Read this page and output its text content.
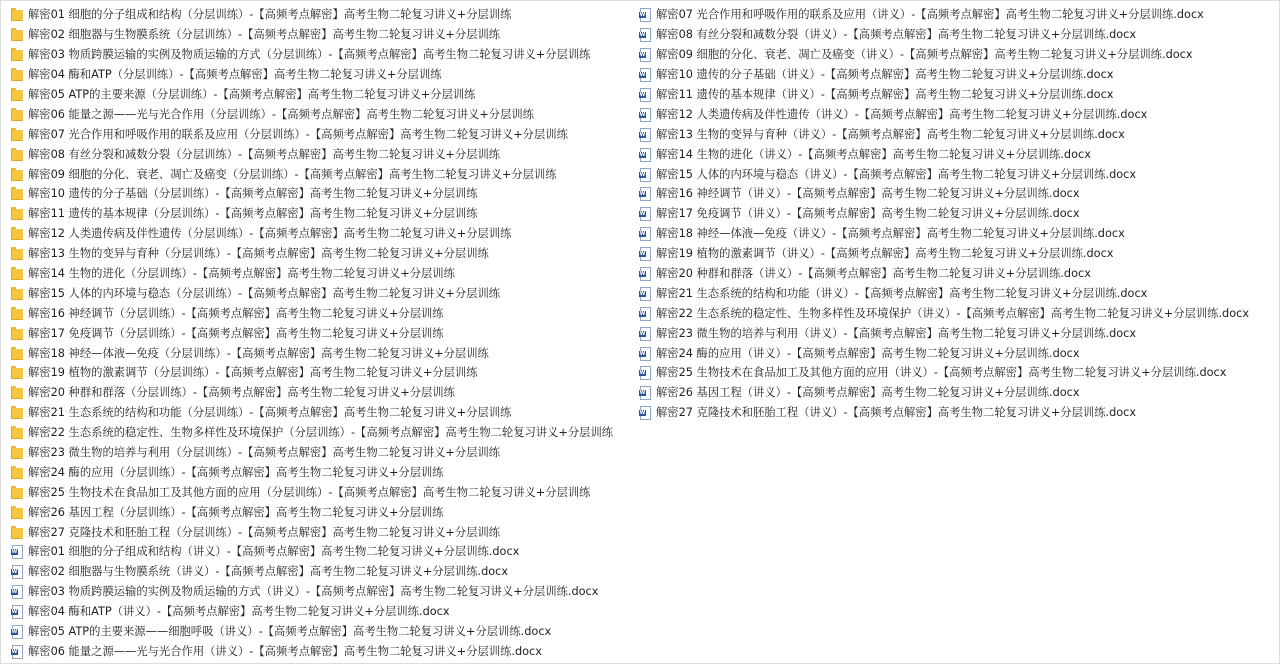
解密01 细胞的分子组成和结构（分层训练）-【高频考点解密】高考生物二轮复习讲义+分层训练
解密02 细胞器与生物膜系统（分层训练）-【高频考点解密】高考生物二轮复习讲义+分层训练
解密03 物质跨膜运输的实例及物质运输的方式（分层训练）-【高频考点解密】高考生物二轮复习讲义+分层训练
解密04 酶和ATP（分层训练）-【高频考点解密】高考生物二轮复习讲义+分层训练
解密05 ATP的主要来源（分层训练）-【高频考点解密】高考生物二轮复习讲义+分层训练
解密06 能量之源——光与光合作用（分层训练）-【高频考点解密】高考生物二轮复习讲义+分层训练
解密07 光合作用和呼吸作用的联系及应用（分层训练）-【高频考点解密】高考生物二轮复习讲义+分层训练
解密08 有丝分裂和减数分裂（分层训练）-【高频考点解密】高考生物二轮复习讲义+分层训练
解密09 细胞的分化、衰老、凋亡及癌变（分层训练）-【高频考点解密】高考生物二轮复习讲义+分层训练
解密10 遗传的分子基础（分层训练）-【高频考点解密】高考生物二轮复习讲义+分层训练
解密11 遗传的基本规律（分层训练）-【高频考点解密】高考生物二轮复习讲义+分层训练
解密12 人类遗传病及伴性遗传（分层训练）-【高频考点解密】高考生物二轮复习讲义+分层训练
解密13 生物的变异与育种（分层训练）-【高频考点解密】高考生物二轮复习讲义+分层训练
解密14 生物的进化（分层训练）-【高频考点解密】高考生物二轮复习讲义+分层训练
解密15 人体的内环境与稳态（分层训练）-【高频考点解密】高考生物二轮复习讲义+分层训练
解密16 神经调节（分层训练）-【高频考点解密】高考生物二轮复习讲义+分层训练
解密17 免疫调节（分层训练）-【高频考点解密】高考生物二轮复习讲义+分层训练
解密18 神经—体液—免疫（分层训练）-【高频考点解密】高考生物二轮复习讲义+分层训练
解密19 植物的激素调节（分层训练）-【高频考点解密】高考生物二轮复习讲义+分层训练
解密20 种群和群落（分层训练）-【高频考点解密】高考生物二轮复习讲义+分层训练
解密21 生态系统的结构和功能（分层训练）-【高频考点解密】高考生物二轮复习讲义+分层训练
解密22 生态系统的稳定性、生物多样性及环境保护（分层训练）-【高频考点解密】高考生物二轮复习讲义+分层训练
解密23 微生物的培养与利用（分层训练）-【高频考点解密】高考生物二轮复习讲义+分层训练
解密24 酶的应用（分层训练）-【高频考点解密】高考生物二轮复习讲义+分层训练
解密25 生物技术在食品加工及其他方面的应用（分层训练）-【高频考点解密】高考生物二轮复习讲义+分层训练
解密26 基因工程（分层训练）-【高频考点解密】高考生物二轮复习讲义+分层训练
解密27 克隆技术和胚胎工程（分层训练）-【高频考点解密】高考生物二轮复习讲义+分层训练
W 解密01 细胞的分子组成和结构（讲义）-【高频考点解密】高考生物二轮复习讲义+分层训练.docx
W 解密02 细胞器与生物膜系统（讲义）-【高频考点解密】高考生物二轮复习讲义+分层训练.docx
W 解密03 物质跨膜运输的实例及物质运输的方式（讲义）-【高频考点解密】高考生物二轮复习讲义+分层训练.docx
W 解密04 酶和ATP（讲义）-【高频考点解密】高考生物二轮复习讲义+分层训练.docx
W 解密05 ATP的主要来源——细胞呼吸（讲义）-【高频考点解密】高考生物二轮复习讲义+分层训练.docx
W 解密06 能量之源——光与光合作用（讲义）-【高频考点解密】高考生物二轮复习讲义+分层训练.docx
W 解密07 光合作用和呼吸作用的联系及应用（讲义）-【高频考点解密】高考生物二轮复习讲义+分层训练.docx
W 解密08 有丝分裂和减数分裂（讲义）-【高频考点解密】高考生物二轮复习讲义+分层训练.docx
W 解密09 细胞的分化、衰老、凋亡及癌变（讲义）-【高频考点解密】高考生物二轮复习讲义+分层训练.docx
W 解密10 遗传的分子基础（讲义）-【高频考点解密】高考生物二轮复习讲义+分层训练.docx
W 解密11 遗传的基本规律（讲义）-【高频考点解密】高考生物二轮复习讲义+分层训练.docx
W 解密12 人类遗传病及伴性遗传（讲义）-【高频考点解密】高考生物二轮复习讲义+分层训练.docx
W 解密13 生物的变异与育种（讲义）-【高频考点解密】高考生物二轮复习讲义+分层训练.docx
W 解密14 生物的进化（讲义）-【高频考点解密】高考生物二轮复习讲义+分层训练.docx
W 解密15 人体的内环境与稳态（讲义）-【高频考点解密】高考生物二轮复习讲义+分层训练.docx
W 解密16 神经调节（讲义）-【高频考点解密】高考生物二轮复习讲义+分层训练.docx
W 解密17 免疫调节（讲义）-【高频考点解密】高考生物二轮复习讲义+分层训练.docx
W 解密18 神经—体液—免疫（讲义）-【高频考点解密】高考生物二轮复习讲义+分层训练.docx
W 解密19 植物的激素调节（讲义）-【高频考点解密】高考生物二轮复习讲义+分层训练.docx
W 解密20 种群和群落（讲义）-【高频考点解密】高考生物二轮复习讲义+分层训练.docx
W 解密21 生态系统的结构和功能（讲义）-【高频考点解密】高考生物二轮复习讲义+分层训练.docx
W 解密22 生态系统的稳定性、生物多样性及环境保护（讲义）-【高频考点解密】高考生物二轮复习讲义+分层训练.docx
W 解密23 微生物的培养与利用（讲义）-【高频考点解密】高考生物二轮复习讲义+分层训练.docx
W 解密24 酶的应用（讲义）-【高频考点解密】高考生物二轮复习讲义+分层训练.docx
W 解密25 生物技术在食品加工及其他方面的应用（讲义）-【高频考点解密】高考生物二轮复习讲义+分层训练.docx
W 解密26 基因工程（讲义）-【高频考点解密】高考生物二轮复习讲义+分层训练.docx
W 解密27 克隆技术和胚胎工程（讲义）-【高频考点解密】高考生物二轮复习讲义+分层训练.docx
